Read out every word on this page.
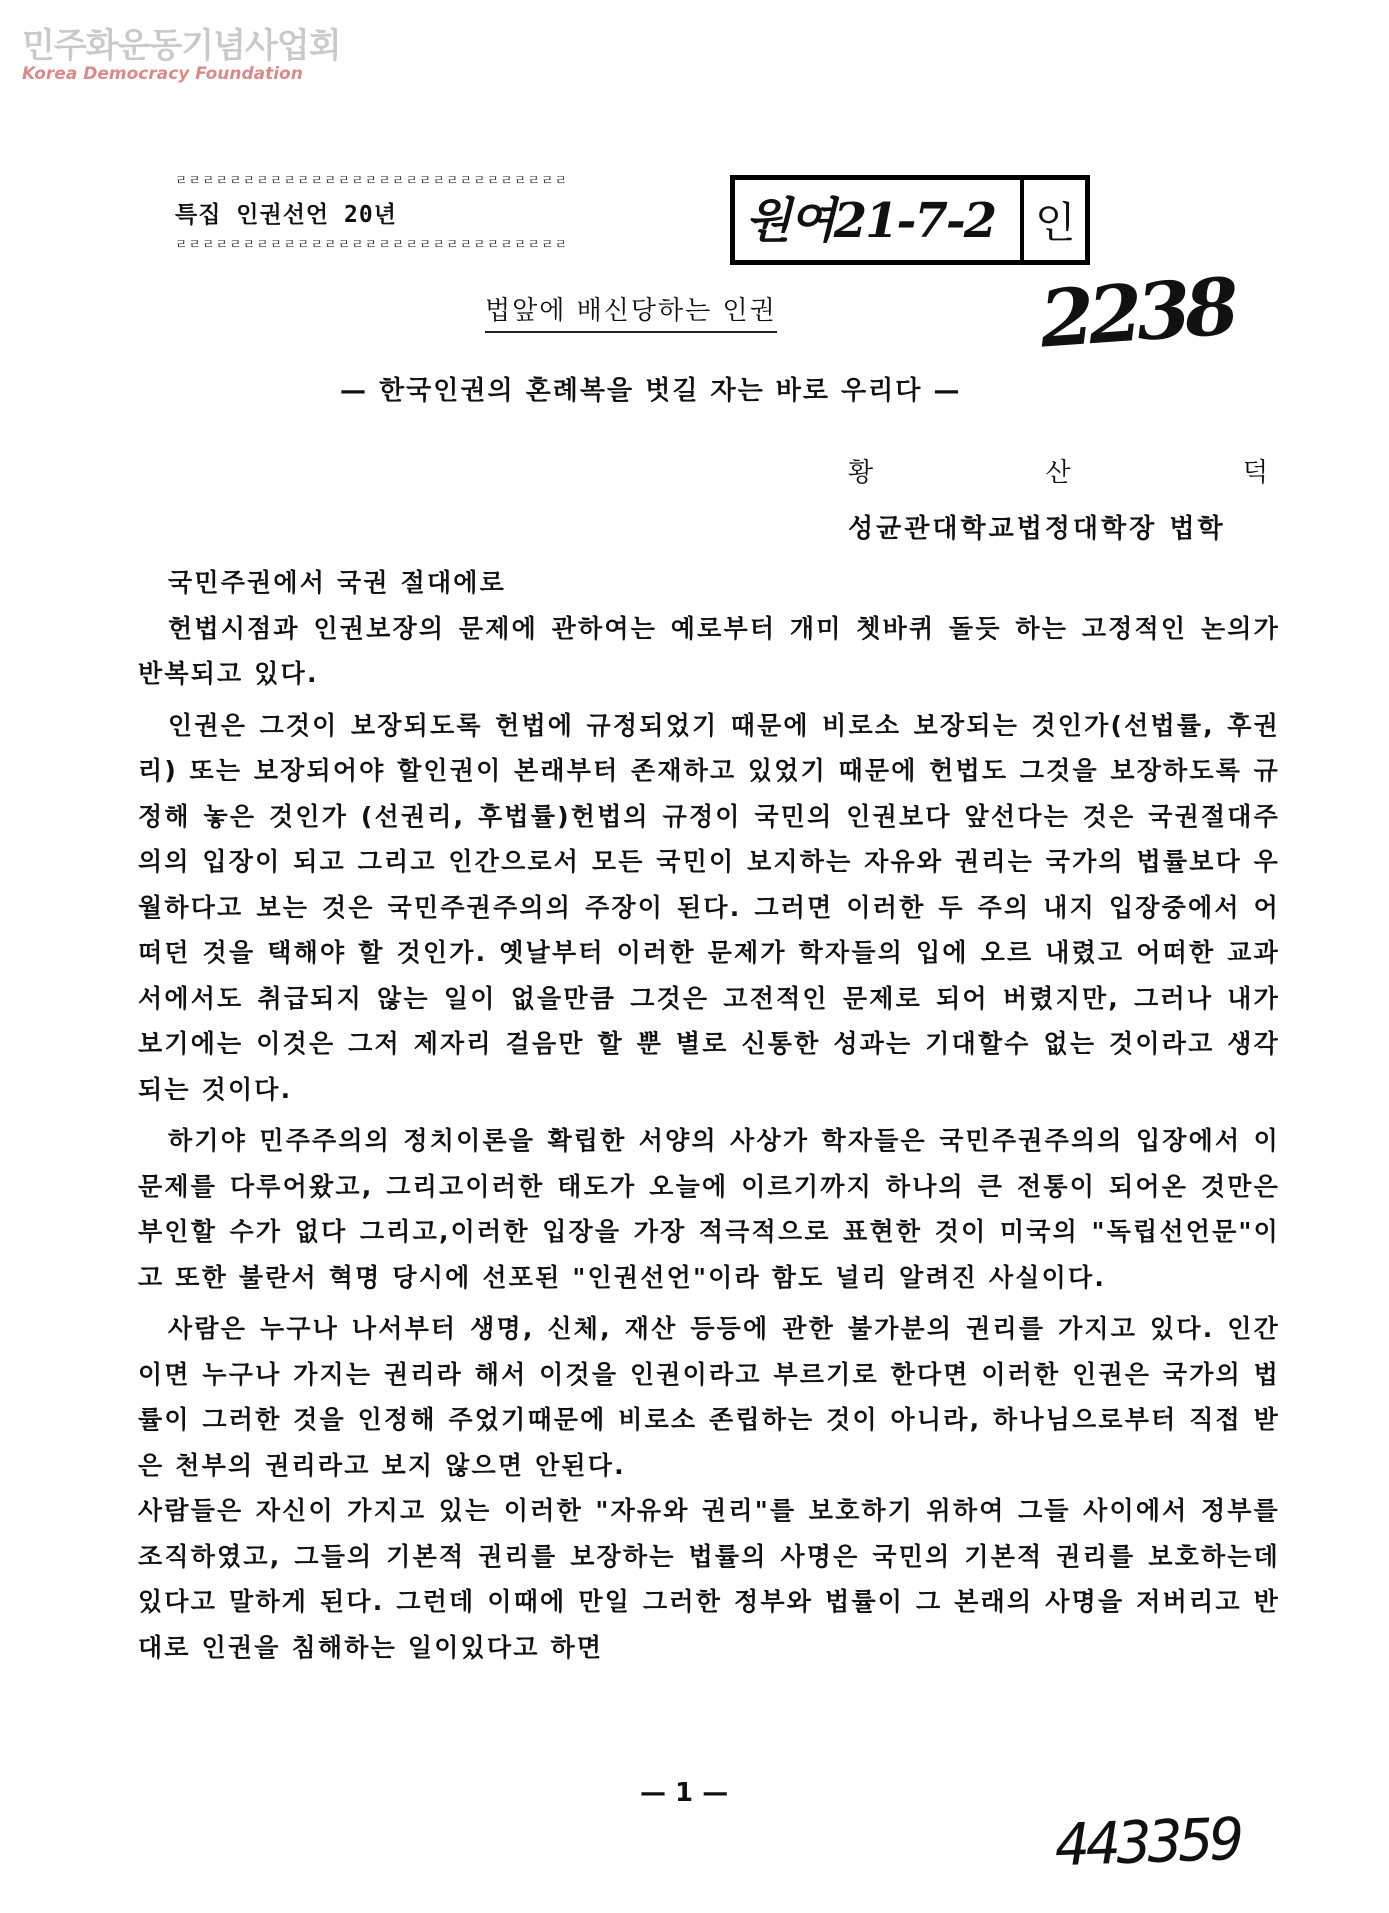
민주화운동기념사업회
Korea Democracy Foundation
ㄹㄹㄹㄹㄹㄹㄹㄹㄹㄹㄹㄹㄹㄹㄹㄹㄹㄹㄹㄹㄹㄹㄹㄹㄹㄹㄹㄹㄹ
특집 인권선언 20년
ㄹㄹㄹㄹㄹㄹㄹㄹㄹㄹㄹㄹㄹㄹㄹㄹㄹㄹㄹㄹㄹㄹㄹㄹㄹㄹㄹㄹㄹ	원여21-7-2 인
2238
법앞에 배신당하는 인권
— 한국인권의 혼례복을 벗길 자는 바로 우리다 —
황	산	덕
성균관대학교법정대학장 법학

국민주권에서 국권 절대에로

헌법시점과 인권보장의 문제에 관하여는 예로부터 개미 쳇바퀴 돌듯 하는 고정적인 논의가 반복되고 있다.

인권은 그것이 보장되도록 헌법에 규정되었기 때문에 비로소 보장되는 것인가(선법률, 후권리) 또는 보장되어야 할인권이 본래부터 존재하고 있었기 때문에 헌법도 그것을 보장하도록 규정해 놓은 것인가 (선권리, 후법률)헌법의 규정이 국민의 인권보다 앞선다는 것은 국권절대주의의 입장이 되고 그리고 인간으로서 모든 국민이 보지하는 자유와 권리는 국가의 법률보다 우월하다고 보는 것은 국민주권주의의 주장이 된다. 그러면 이러한 두 주의 내지 입장중에서 어떠던 것을 택해야 할 것인가. 옛날부터 이러한 문제가 학자들의 입에 오르 내렸고 어떠한 교과서에서도 취급되지 않는 일이 없을만큼 그것은 고전적인 문제로 되어 버렸지만, 그러나 내가 보기에는 이것은 그저 제자리 걸음만 할 뿐 별로 신통한 성과는 기대할수 없는 것이라고 생각되는 것이다.

하기야 민주주의의 정치이론을 확립한 서양의 사상가 학자들은 국민주권주의의 입장에서 이 문제를 다루어왔고, 그리고이러한 태도가 오늘에 이르기까지 하나의 큰 전통이 되어온 것만은 부인할 수가 없다 그리고,이러한 입장을 가장 적극적으로 표현한 것이 미국의 "독립선언문"이고 또한 불란서 혁명 당시에 선포된 "인권선언"이라 함도 널리 알려진 사실이다.

사람은 누구나 나서부터 생명, 신체, 재산 등등에 관한 불가분의 권리를 가지고 있다. 인간이면 누구나 가지는 권리라 해서 이것을 인권이라고 부르기로 한다면 이러한 인권은 국가의 법률이 그러한 것을 인정해 주었기때문에 비로소 존립하는 것이 아니라, 하나님으로부터 직접 받은 천부의 권리라고 보지 않으면 안된다.

사람들은 자신이 가지고 있는 이러한 "자유와 권리"를 보호하기 위하여 그들 사이에서 정부를 조직하였고, 그들의 기본적 권리를 보장하는 법률의 사명은 국민의 기본적 권리를 보호하는데 있다고 말하게 된다. 그런데 이때에 만일 그러한 정부와 법률이 그 본래의 사명을 저버리고 반대로 인권을 침해하는 일이있다고 하면

— 1 —
443359
